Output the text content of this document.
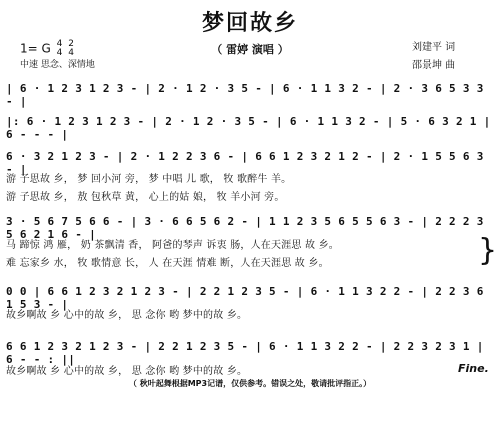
梦回故乡
（ 雷婷 演唱 ）
1= G 4
4

2
4
中速 思念、深情地
刘建平 词
邵景坤 曲
| 6 · 1 2 3 1 2 3 - | 2 · 1 2 · 3 5 - | 6 · 1 1 3 2 - | 2 · 3 6 5 3 3 - |
|: 6 · 1 2 3 1 2 3 - | 2 · 1 2 · 3 5 - | 6 · 1 1 3 2 - | 5 · 6 3 2 1 | 6 - - - |
6 · 3 2 1 2 3 - | 2 · 1 2 2 3 6 - | 6 6 1 2 3 2 1 2 - | 2 · 1 5 5 6 3 - |
游 子思故 乡， 梦 回小河 旁， 梦 中唱 儿 歌， 牧 歌醉牛 羊。
游 子思故 乡， 敖 包秋草 黄， 心上的姑 娘， 牧 羊小河 旁。
3 · 5 6 7 5 6 6 - | 3 · 6 6 5 6 2 - | 1 1 2 3 5 6 5 5 6 3 - | 2 2 2 3 5 6 2 1 6 - |
马 蹄惊 鸿 雁， 奶 茶飘清 香， 阿爸的琴声 诉衷 肠，人在天涯思 故 乡。
难 忘家乡 水， 牧 歌情意 长， 人 在天涯 情难 断，人在天涯思 故 乡。	}
0 0 | 6 6 1 2 3 2 1 2 3 - | 2 2 1 2 3 5 - | 6 · 1 1 3 2 2 - | 2 2 3 6 1 5 3 - |
故乡啊故 乡 心中的故 乡， 思 念你 哟 梦中的故 乡。
6 6 1 2 3 2 1 2 3 - | 2 2 1 2 3 5 - | 6 · 1 1 3 2 2 - | 2 2 3 2 3 1 | 6 - - : ||
故乡啊故 乡 心中的故 乡， 思 念你 哟 梦中的故 乡。	Fine.
（ 秋叶起舞根据MP3记谱，仅供参考。错误之处，敬请批评指正。）
